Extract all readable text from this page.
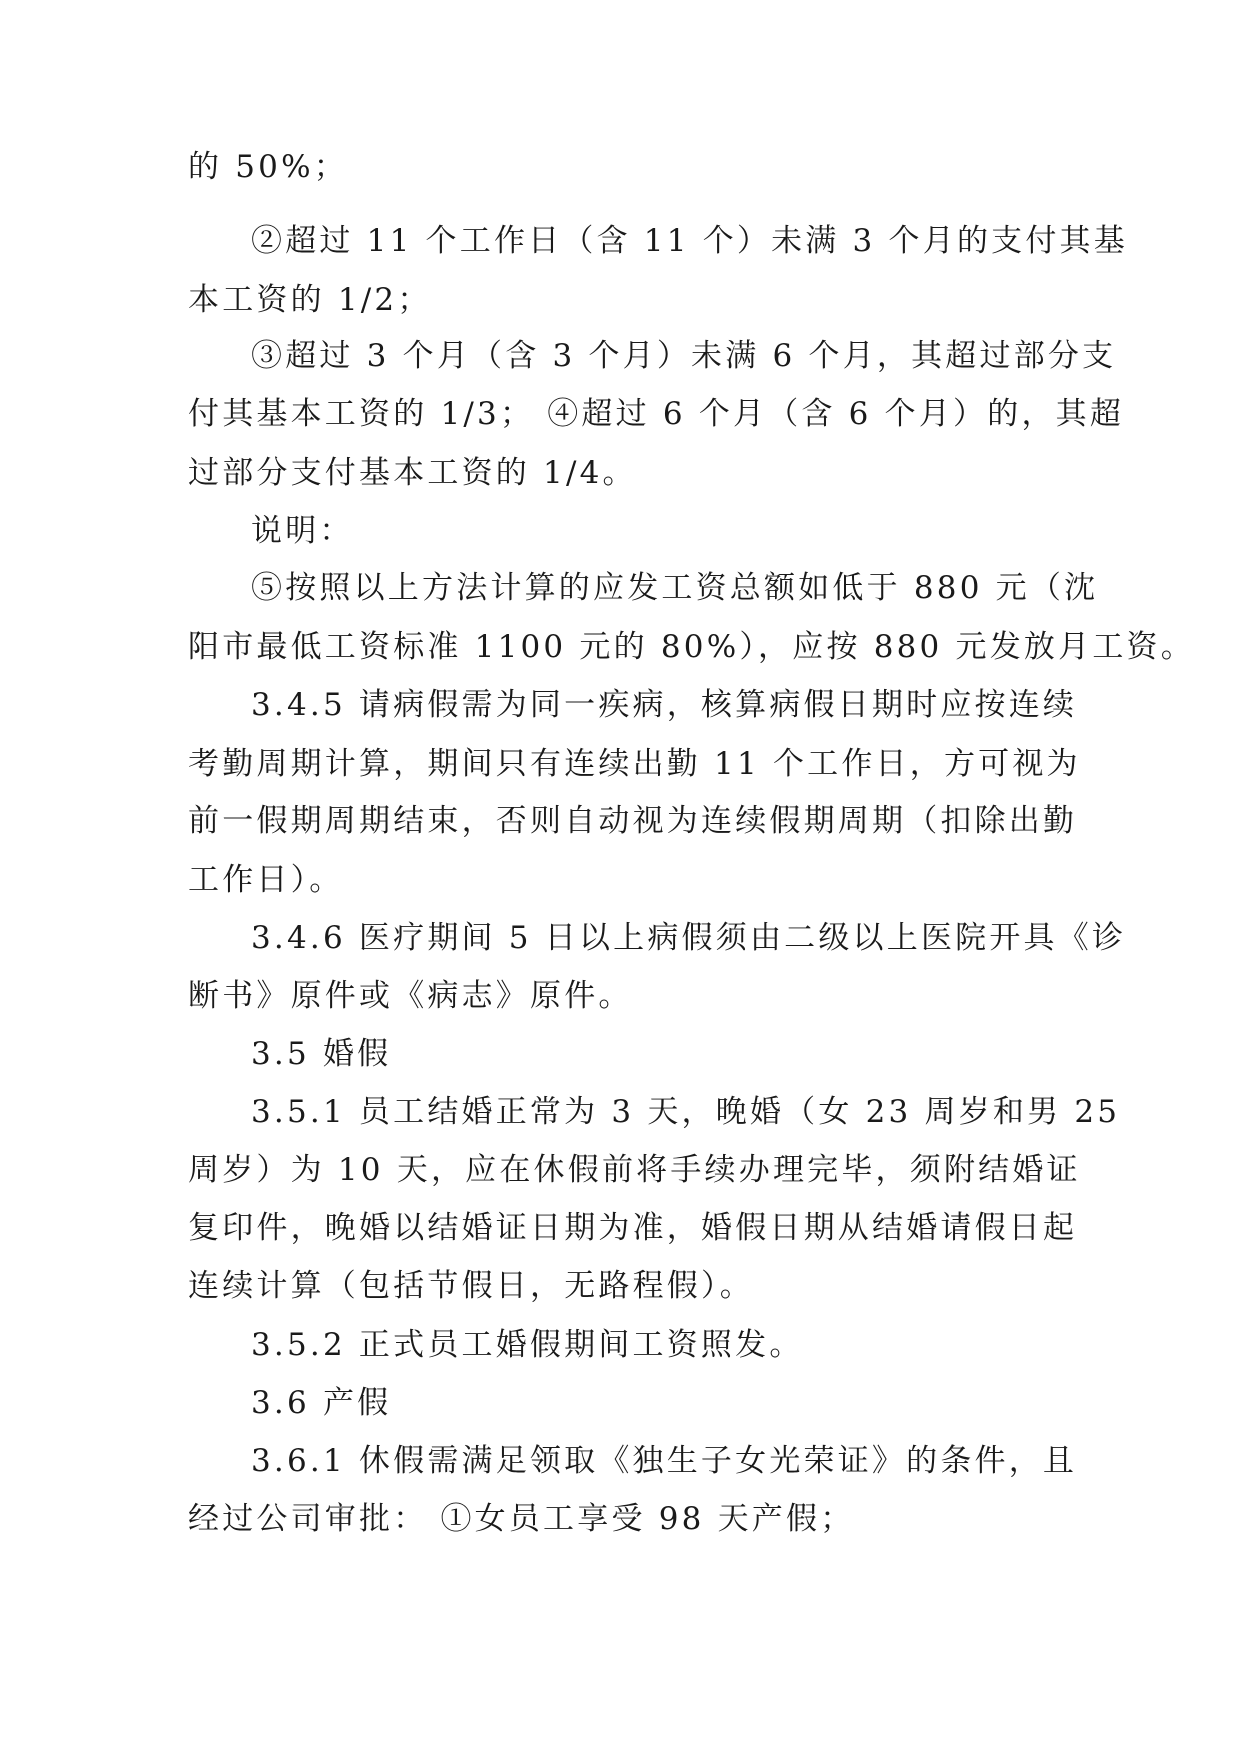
的 50%；
②超过 11 个工作日（含 11 个）未满 3 个月的支付其基
本工资的 1/2；
③超过 3 个月（含 3 个月）未满 6 个月，其超过部分支
付其基本工资的 1/3； ④超过 6 个月（含 6 个月）的，其超
过部分支付基本工资的 1/4。
说明：
⑤按照以上方法计算的应发工资总额如低于 880 元（沈
阳市最低工资标准 1100 元的 80%），应按 880 元发放月工资。
3.4.5 请病假需为同一疾病，核算病假日期时应按连续
考勤周期计算，期间只有连续出勤 11 个工作日，方可视为
前一假期周期结束，否则自动视为连续假期周期（扣除出勤
工作日）。
3.4.6 医疗期间 5 日以上病假须由二级以上医院开具《诊
断书》原件或《病志》原件。
3.5 婚假
3.5.1 员工结婚正常为 3 天，晚婚（女 23 周岁和男 25
周岁）为 10 天，应在休假前将手续办理完毕，须附结婚证
复印件，晚婚以结婚证日期为准，婚假日期从结婚请假日起
连续计算（包括节假日，无路程假）。
3.5.2 正式员工婚假期间工资照发。
3.6 产假
3.6.1 休假需满足领取《独生子女光荣证》的条件，且
经过公司审批： ①女员工享受 98 天产假；
